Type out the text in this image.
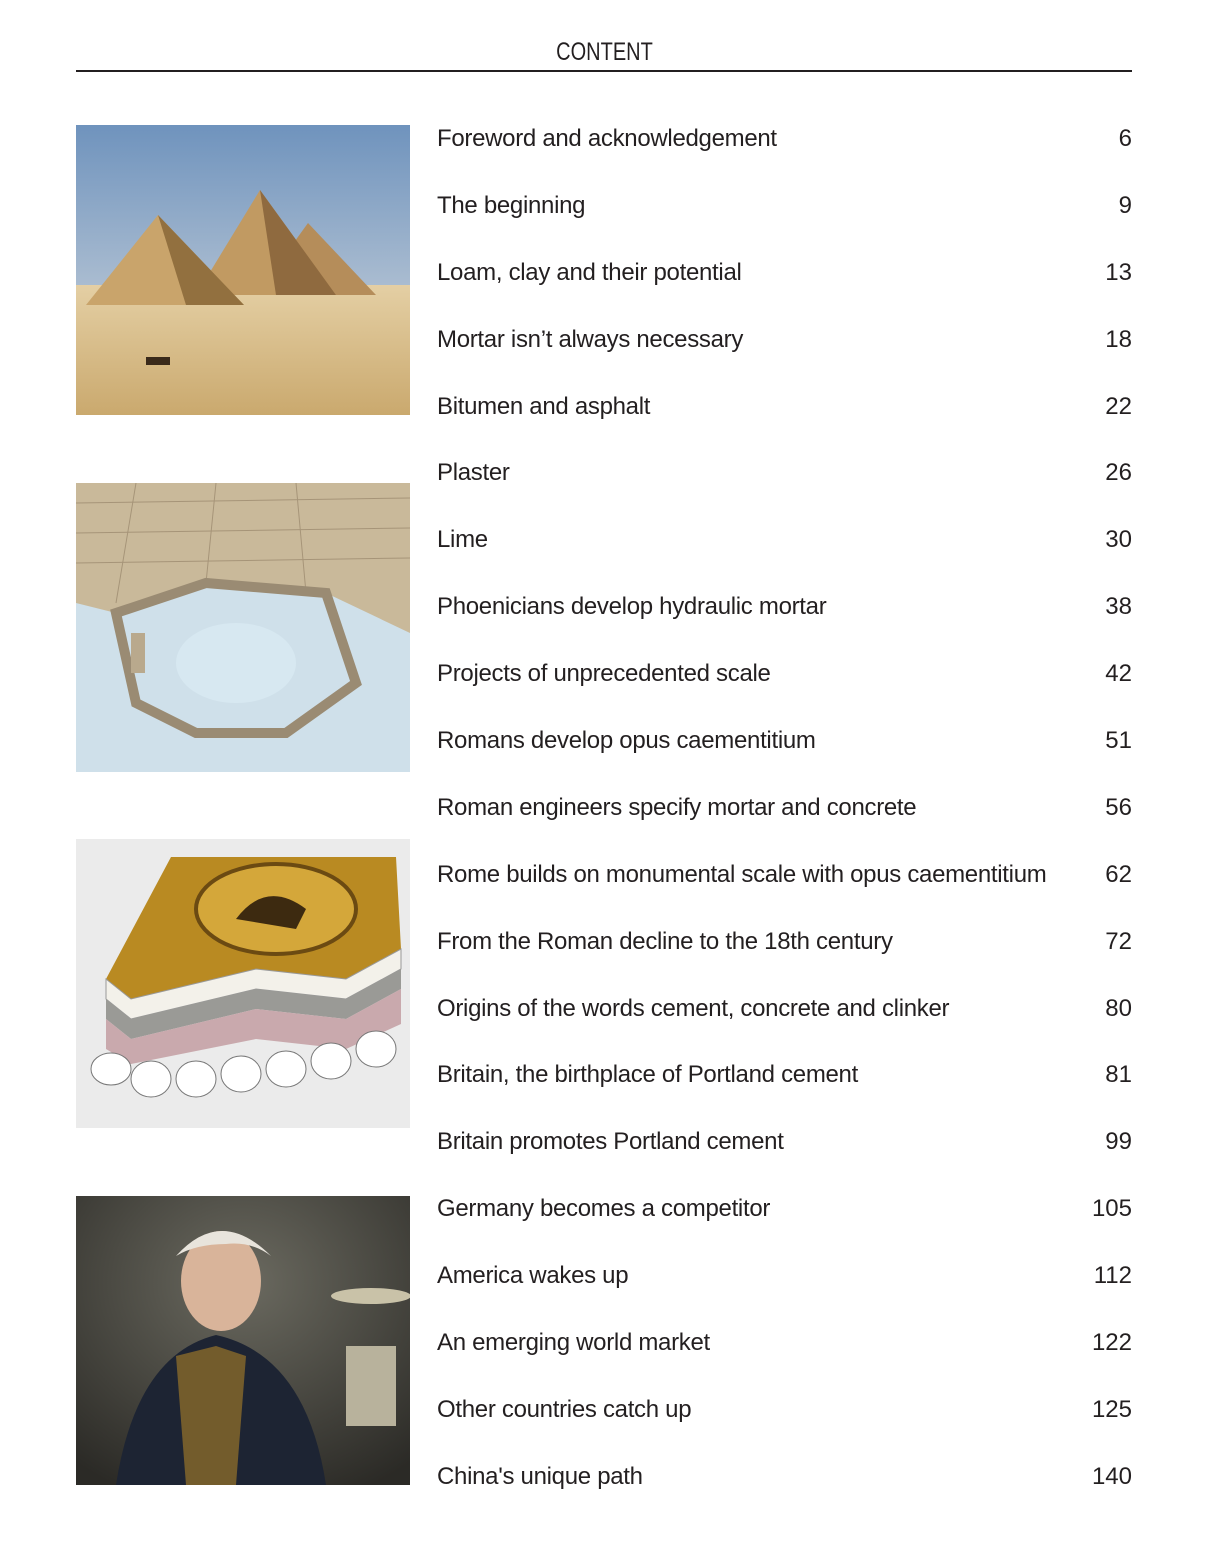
CONTENT
Foreword and acknowledgement	6
The beginning	9
Loam, clay and their potential	13
Mortar isn’t always necessary	18
Bitumen and asphalt	22
Plaster	26
Lime	30
Phoenicians develop hydraulic mortar	38
Projects of unprecedented scale	42
Romans develop opus caementitium	51
Roman engineers specify mortar and concrete	56
Rome builds on monumental scale with opus caementitium 62
From the Roman decline to the 18th century	72
Origins of the words cement, concrete and clinker	80
Britain, the birthplace of Portland cement	81
Britain promotes Portland cement	99
Germany becomes a competitor	105
America wakes up	112
An emerging world market	122
Other countries catch up	125
China's unique path	140
